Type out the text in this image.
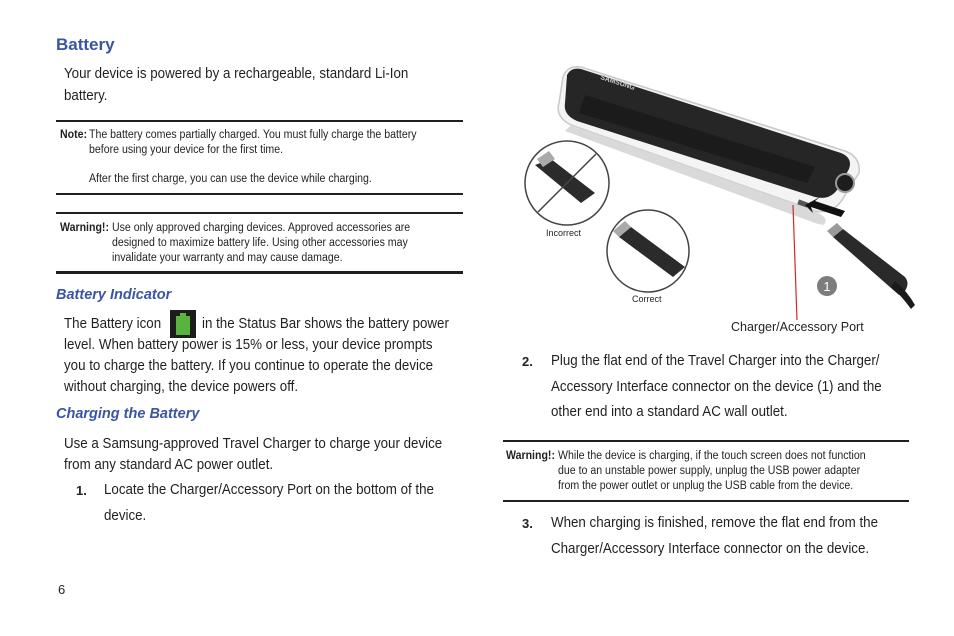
Battery
Your device is powered by a rechargeable, standard Li-Ion
battery.
Note: The battery comes partially charged. You must fully charge the battery
before using your device for the first time.
After the first charge, you can use the device while charging.
Warning!: Use only approved charging devices. Approved accessories are
designed to maximize battery life. Using other accessories may
invalidate your warranty and may cause damage.
Battery Indicator
The Battery icon	in the Status Bar shows the battery power
level. When battery power is 15% or less, your device prompts
you to charge the battery. If you continue to operate the device
without charging, the device powers off.
Charging the Battery
Use a Samsung-approved Travel Charger to charge your device
from any standard AC power outlet.
1. Locate the Charger/Accessory Port on the bottom of the
device.
6
SAMSUNG
1
Incorrect
Correct
Charger/Accessory Port
2. Plug the flat end of the Travel Charger into the Charger/
Accessory Interface connector on the device (1) and the
other end into a standard AC wall outlet.
Warning!: While the device is charging, if the touch screen does not function
due to an unstable power supply, unplug the USB power adapter
from the power outlet or unplug the USB cable from the device.
3. When charging is finished, remove the flat end from the
Charger/Accessory Interface connector on the device.
